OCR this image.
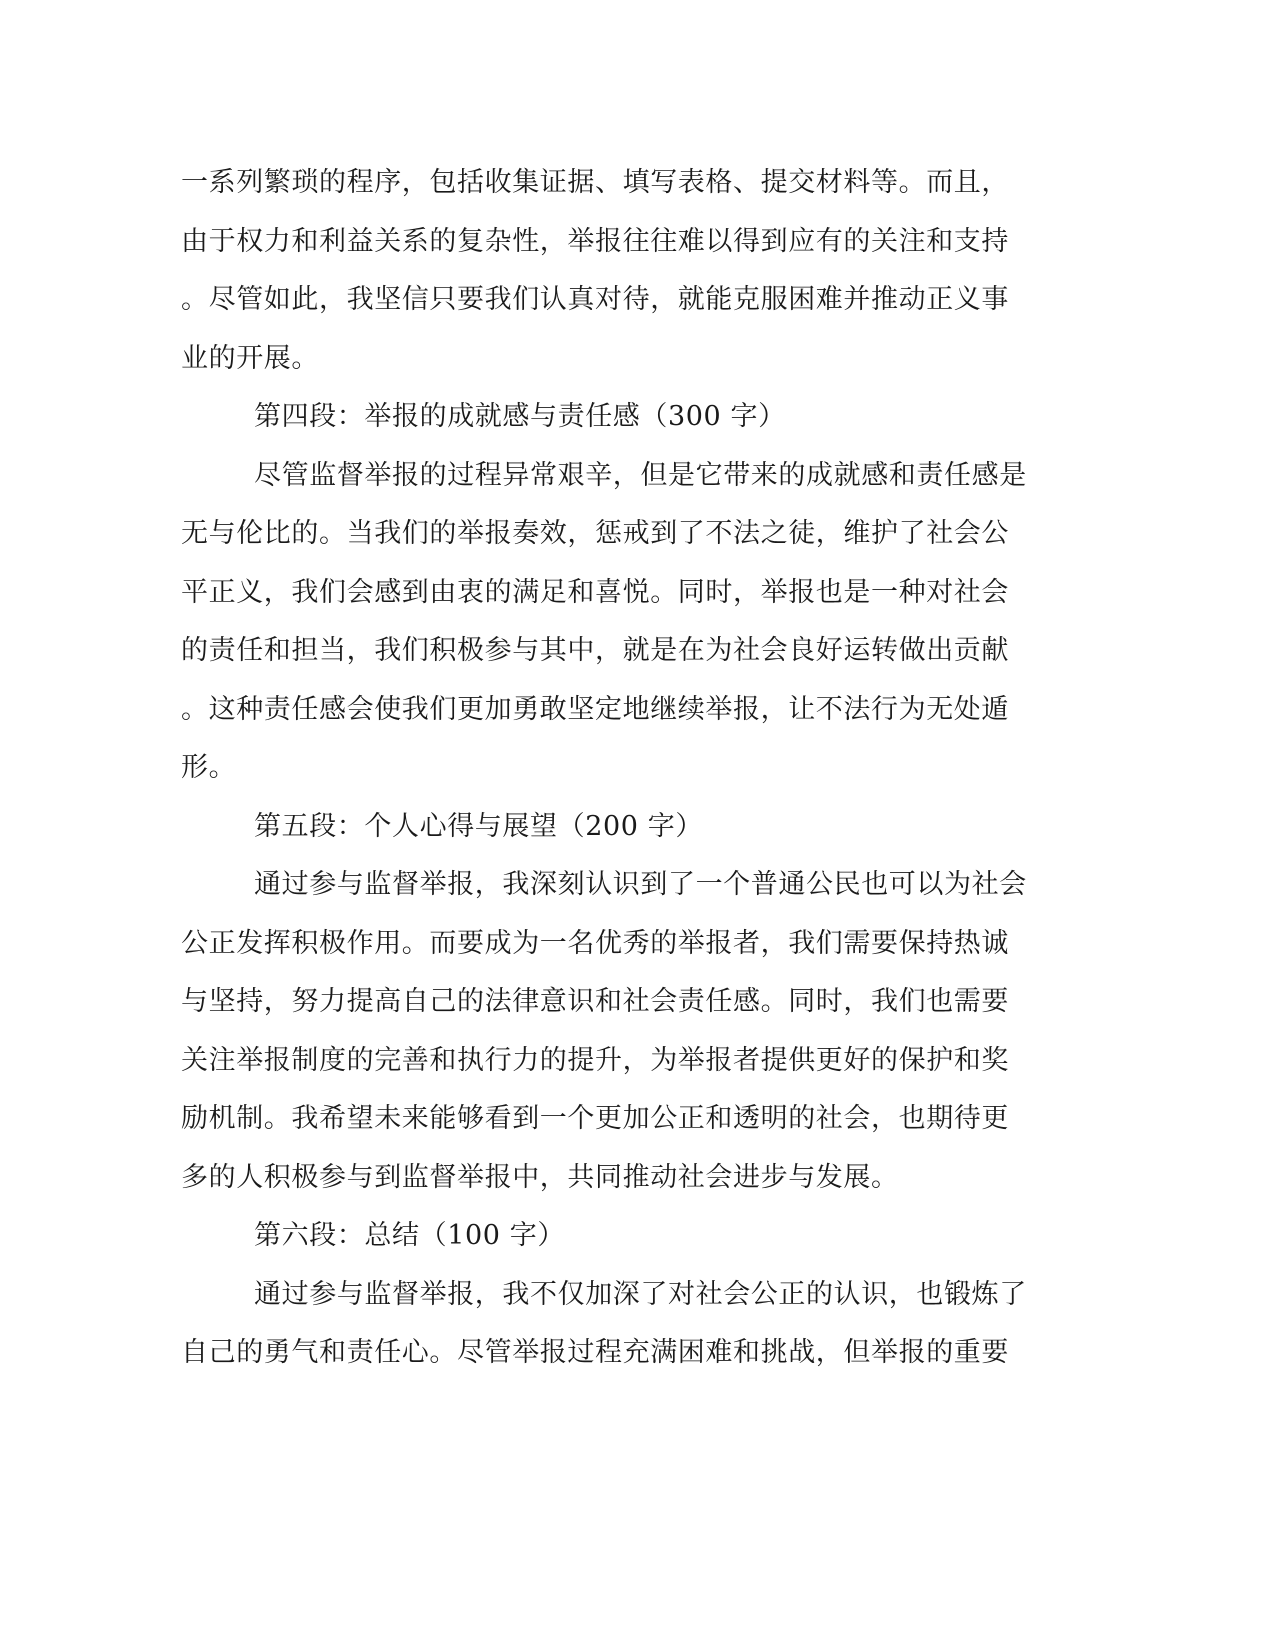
一系列繁琐的程序，包括收集证据、填写表格、提交材料等。而且，
由于权力和利益关系的复杂性，举报往往难以得到应有的关注和支持
。尽管如此，我坚信只要我们认真对待，就能克服困难并推动正义事
业的开展。
第四段：举报的成就感与责任感（300 字）
尽管监督举报的过程异常艰辛，但是它带来的成就感和责任感是
无与伦比的。当我们的举报奏效，惩戒到了不法之徒，维护了社会公
平正义，我们会感到由衷的满足和喜悦。同时，举报也是一种对社会
的责任和担当，我们积极参与其中，就是在为社会良好运转做出贡献
。这种责任感会使我们更加勇敢坚定地继续举报，让不法行为无处遁
形。
第五段：个人心得与展望（200 字）
通过参与监督举报，我深刻认识到了一个普通公民也可以为社会
公正发挥积极作用。而要成为一名优秀的举报者，我们需要保持热诚
与坚持，努力提高自己的法律意识和社会责任感。同时，我们也需要
关注举报制度的完善和执行力的提升，为举报者提供更好的保护和奖
励机制。我希望未来能够看到一个更加公正和透明的社会，也期待更
多的人积极参与到监督举报中，共同推动社会进步与发展。
第六段：总结（100 字）
通过参与监督举报，我不仅加深了对社会公正的认识，也锻炼了
自己的勇气和责任心。尽管举报过程充满困难和挑战，但举报的重要
